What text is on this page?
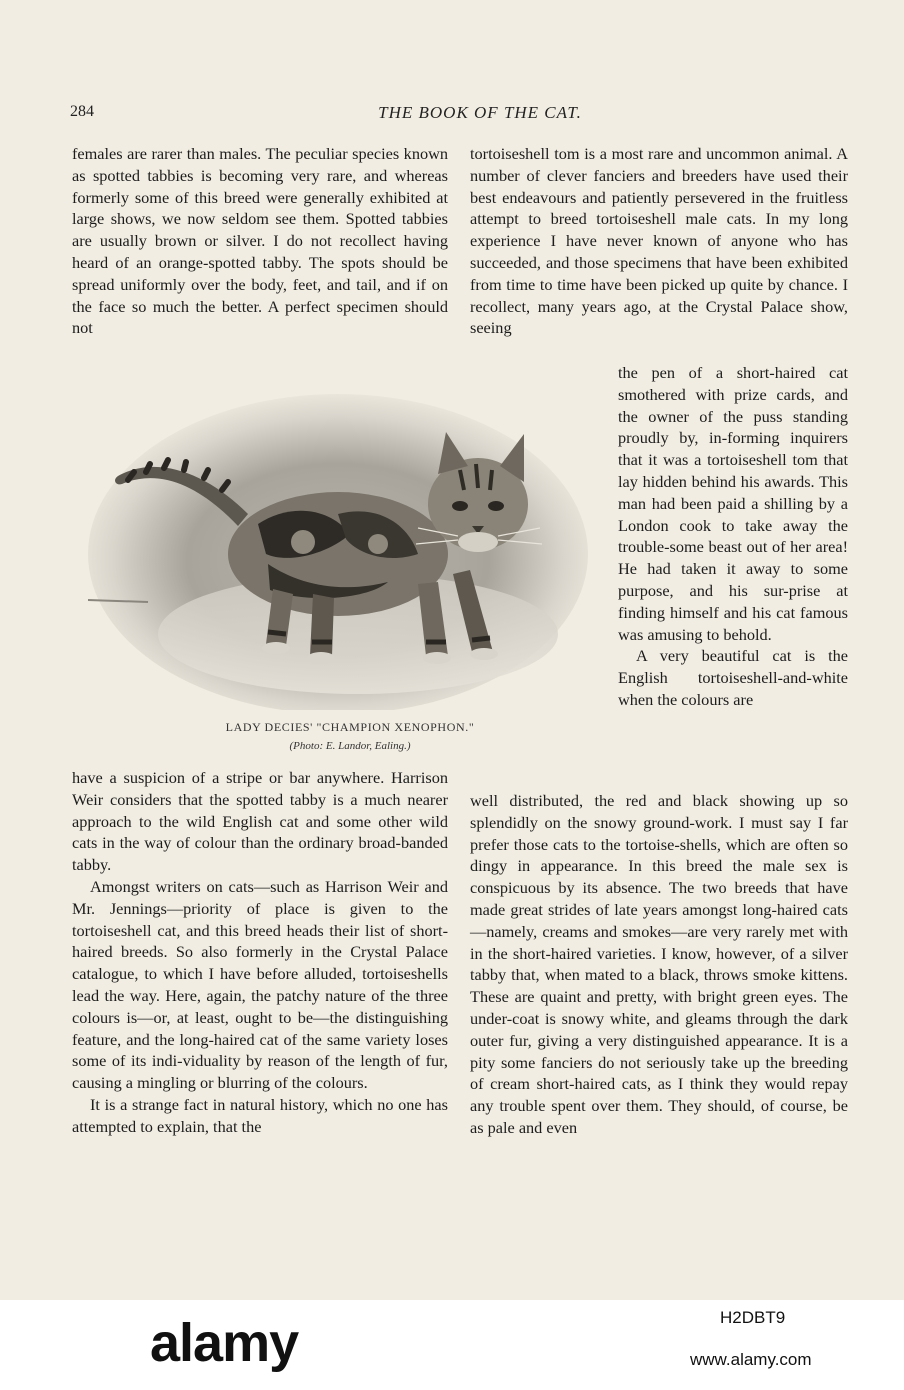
284	THE BOOK OF THE CAT.

females are rarer than males. The peculiar species known as spotted tabbies is becoming very rare, and whereas formerly some of this breed were generally exhibited at large shows, we now seldom see them. Spotted tabbies are usually brown or silver. I do not recollect having heard of an orange-spotted tabby. The spots should be spread uniformly over the body, feet, and tail, and if on the face so much the better. A perfect specimen should not

tortoiseshell tom is a most rare and uncommon animal. A number of clever fanciers and breeders have used their best endeavours and patiently persevered in the fruitless attempt to breed tortoiseshell male cats. In my long experience I have never known of anyone who has succeeded, and those specimens that have been exhibited from time to time have been picked up quite by chance. I recollect, many years ago, at the Crystal Palace show, seeing

the pen of a short-haired cat smothered with prize cards, and the owner of the puss standing proudly by, in-forming inquirers that it was a tortoiseshell tom that lay hidden behind his awards. This man had been paid a shilling by a London cook to take away the trouble-some beast out of her area! He had taken it away to some purpose, and his sur-prise at finding himself and his cat famous was amusing to behold.

A very beautiful cat is the English tortoiseshell-and-white when the colours are

LADY DECIES' "CHAMPION XENOPHON."
(Photo: E. Landor, Ealing.)

have a suspicion of a stripe or bar anywhere. Harrison Weir considers that the spotted tabby is a much nearer approach to the wild English cat and some other wild cats in the way of colour than the ordinary broad-banded tabby.

Amongst writers on cats—such as Harrison Weir and Mr. Jennings—priority of place is given to the tortoiseshell cat, and this breed heads their list of short-haired breeds. So also formerly in the Crystal Palace catalogue, to which I have before alluded, tortoiseshells lead the way. Here, again, the patchy nature of the three colours is—or, at least, ought to be—the distinguishing feature, and the long-haired cat of the same variety loses some of its indi-viduality by reason of the length of fur, causing a mingling or blurring of the colours.

It is a strange fact in natural history, which no one has attempted to explain, that the

well distributed, the red and black showing up so splendidly on the snowy ground-work. I must say I far prefer those cats to the tortoise-shells, which are often so dingy in appearance. In this breed the male sex is conspicuous by its absence. The two breeds that have made great strides of late years amongst long-haired cats—namely, creams and smokes—are very rarely met with in the short-haired varieties. I know, however, of a silver tabby that, when mated to a black, throws smoke kittens. These are quaint and pretty, with bright green eyes. The under-coat is snowy white, and gleams through the dark outer fur, giving a very distinguished appearance. It is a pity some fanciers do not seriously take up the breeding of cream short-haired cats, as I think they would repay any trouble spent over them. They should, of course, be as pale and even

alamy	H2DBT9
www.alamy.com
